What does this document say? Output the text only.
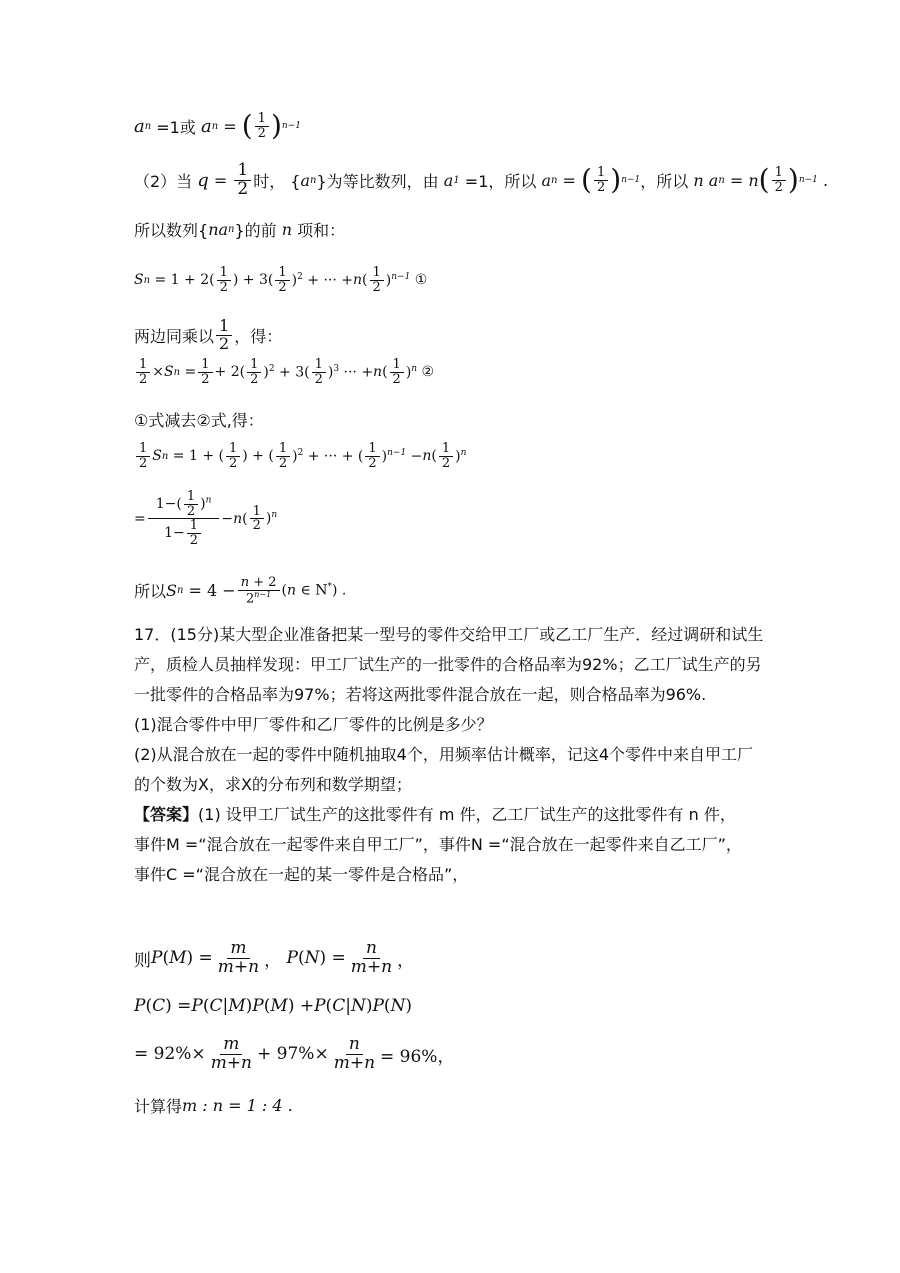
a n =1或 a n = ( $\frac{1}{2}$ ) n−1
（2）当 $q = \frac{1}{2}$ 时， { a n }为等比数列，由 a 1 =1，所以 a n = ( $\frac{1}{2}$ ) n−1 ，所以 n a n = n ( $\frac{1}{2}$ ) n−1 .
所以数列{ na n }的前 n 项和：
S $n = 1 + 2( \frac{1}{2}$ ) + $3( \frac{1}{2} )^2$ + ··· + n ( $\frac{1}{2} )^{n-1}$ ①
两边同乘以 $\frac{1}{2}$ ，得：
$\frac{1}{2} \times S$ $n = \frac{1}{2} + 2( \frac{1}{2} )^2 + 3( \frac{1}{2} )^3$ ··· + n ( $\frac{1}{2} )^n$ ②
①式减去②式,得：
$\frac{1}{2}$ S n = 1 + ( $\frac{1}{2}$ ) + ( $\frac{1}{2} )^2$ + ··· + ( $\frac{1}{2} )^{n-1} - n$ ( $\frac{1}{2} )^n$
= $\frac{1-( \frac{1}{2} )^n}{1- \frac{1}{2}} - n$ ( $\frac{1}{2} )^n$
所以 S $n = 4 - \frac{n + 2}{2^{n-1}} (n$ ∈ N*) .
17．(15分)某大型企业准备把某一型号的零件交给甲工厂或乙工厂生产．经过调研和试生
产，质检人员抽样发现：甲工厂试生产的一批零件的合格品率为92%；乙工厂试生产的另
一批零件的合格品率为97%；若将这两批零件混合放在一起，则合格品率为96%.
(1)混合零件中甲厂零件和乙厂零件的比例是多少？
(2)从混合放在一起的零件中随机抽取4个，用频率估计概率，记这4个零件中来自甲工厂
的个数为X，求X的分布列和数学期望；
【答案】(1) 设甲工厂试生产的这批零件有 m 件，乙工厂试生产的这批零件有 n 件，
事件M =“混合放在一起零件来自甲工厂”，事件N =“混合放在一起零件来自乙工厂”，
事件C =“混合放在一起的某一零件是合格品”，
则 P ( M ) = $\frac{m}{m+n}$ ， P ( N ) = $\frac{n}{m+n}$ ，
P ( C ) = P ( C | M ) P ( M ) + P ( C | N ) P ( N )
= $92\%\times \frac{m}{m+n} + 97\%\times \frac{n}{m+n} = 96\%$，
计算得 m : n = 1 : 4 .
